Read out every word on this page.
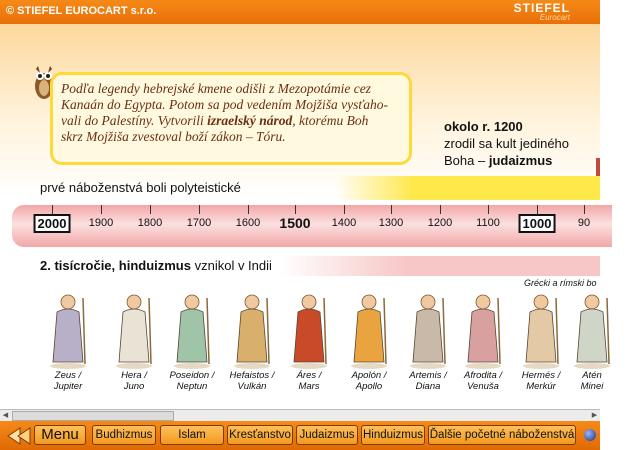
© STIEFEL EUROCART s.r.o.	STIEFEL
Eurocart
Podľa legendy hebrejské kmene odišli z Mezopotámie cez
Kanaán do Egypta. Potom sa pod vedením Mojžiša vysťaho-
vali do Palestíny. Vytvorili izraelský národ, ktorému Boh
skrz Mojžiša zvestoval boží zákon – Tóru.
okolo r. 1200
zrodil sa kult jediného
Boha – judaizmus
prvé náboženstvá boli polyteistické
2000	1900 1800 1700 1600 1500 1400 1300 1200 1100	1000	90
2. tisícročie, hinduizmus vznikol v Indii
Grécki a rímski bo
Zeus /
Jupiter
Hera /
Juno
Poseidon /
Neptun
Hefaistos /
Vulkán
Áres /
Mars
Apolón /
Apollo
Artemis /
Diana
Afrodita /
Venuša
Hermés /
Merkúr
Atén
Minei
◀	▶
Menu	Budhizmus	Islam	Kresťanstvo Judaizmus Hinduizmus Ďalšie početné náboženstvá
